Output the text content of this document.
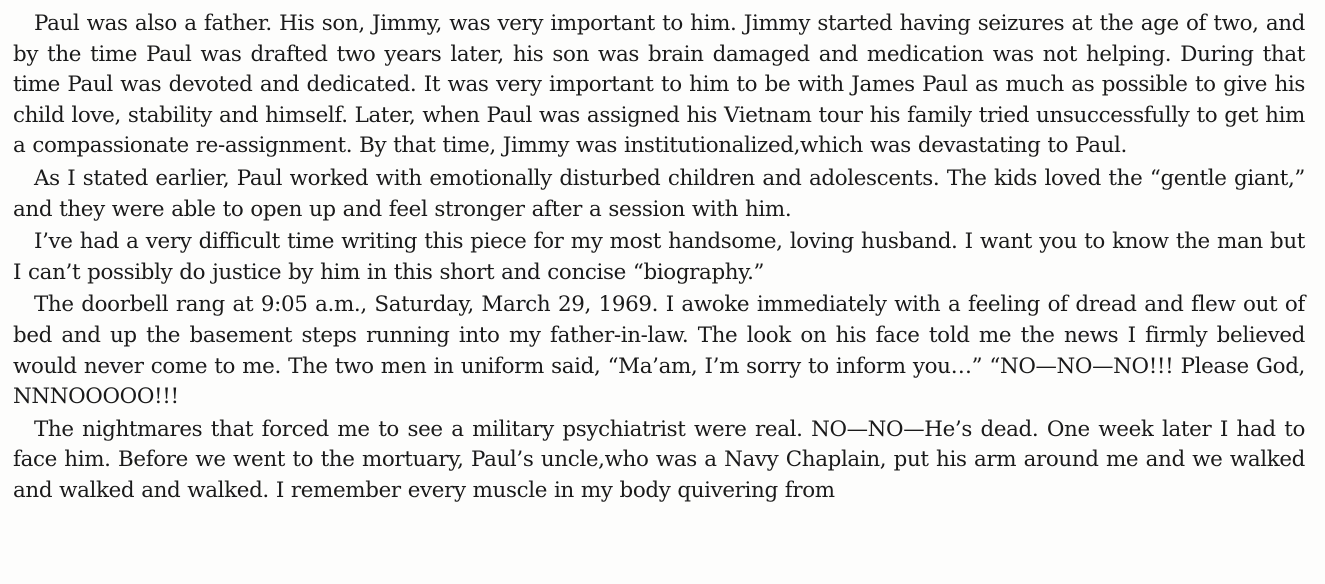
Paul was also a father. His son, Jimmy, was very important to him. Jimmy started having seizures at the age of two, and by the time Paul was drafted two years later, his son was brain damaged and medication was not helping. During that time Paul was devoted and dedicated. It was very important to him to be with James Paul as much as possible to give his child love, stability and himself. Later, when Paul was assigned his Vietnam tour his family tried unsuccessfully to get him a compassionate re-assignment. By that time, Jimmy was institutionalized,which was devastating to Paul.

As I stated earlier, Paul worked with emotionally disturbed children and adolescents. The kids loved the “gentle giant,” and they were able to open up and feel stronger after a session with him.

I’ve had a very difficult time writing this piece for my most handsome, loving husband. I want you to know the man but I can’t possibly do justice by him in this short and concise “biography.”

The doorbell rang at 9:05 a.m., Saturday, March 29, 1969. I awoke immediately with a feeling of dread and flew out of bed and up the basement steps running into my father-in-law. The look on his face told me the news I firmly believed would never come to me. The two men in uniform said, “Ma’am, I’m sorry to inform you…” “NO—NO—NO!!! Please God, NNNOOOOO!!!

The nightmares that forced me to see a military psychiatrist were real. NO—NO—He’s dead. One week later I had to face him. Before we went to the mortuary, Paul’s uncle,who was a Navy Chaplain, put his arm around me and we walked and walked and walked. I remember every muscle in my body quivering from
